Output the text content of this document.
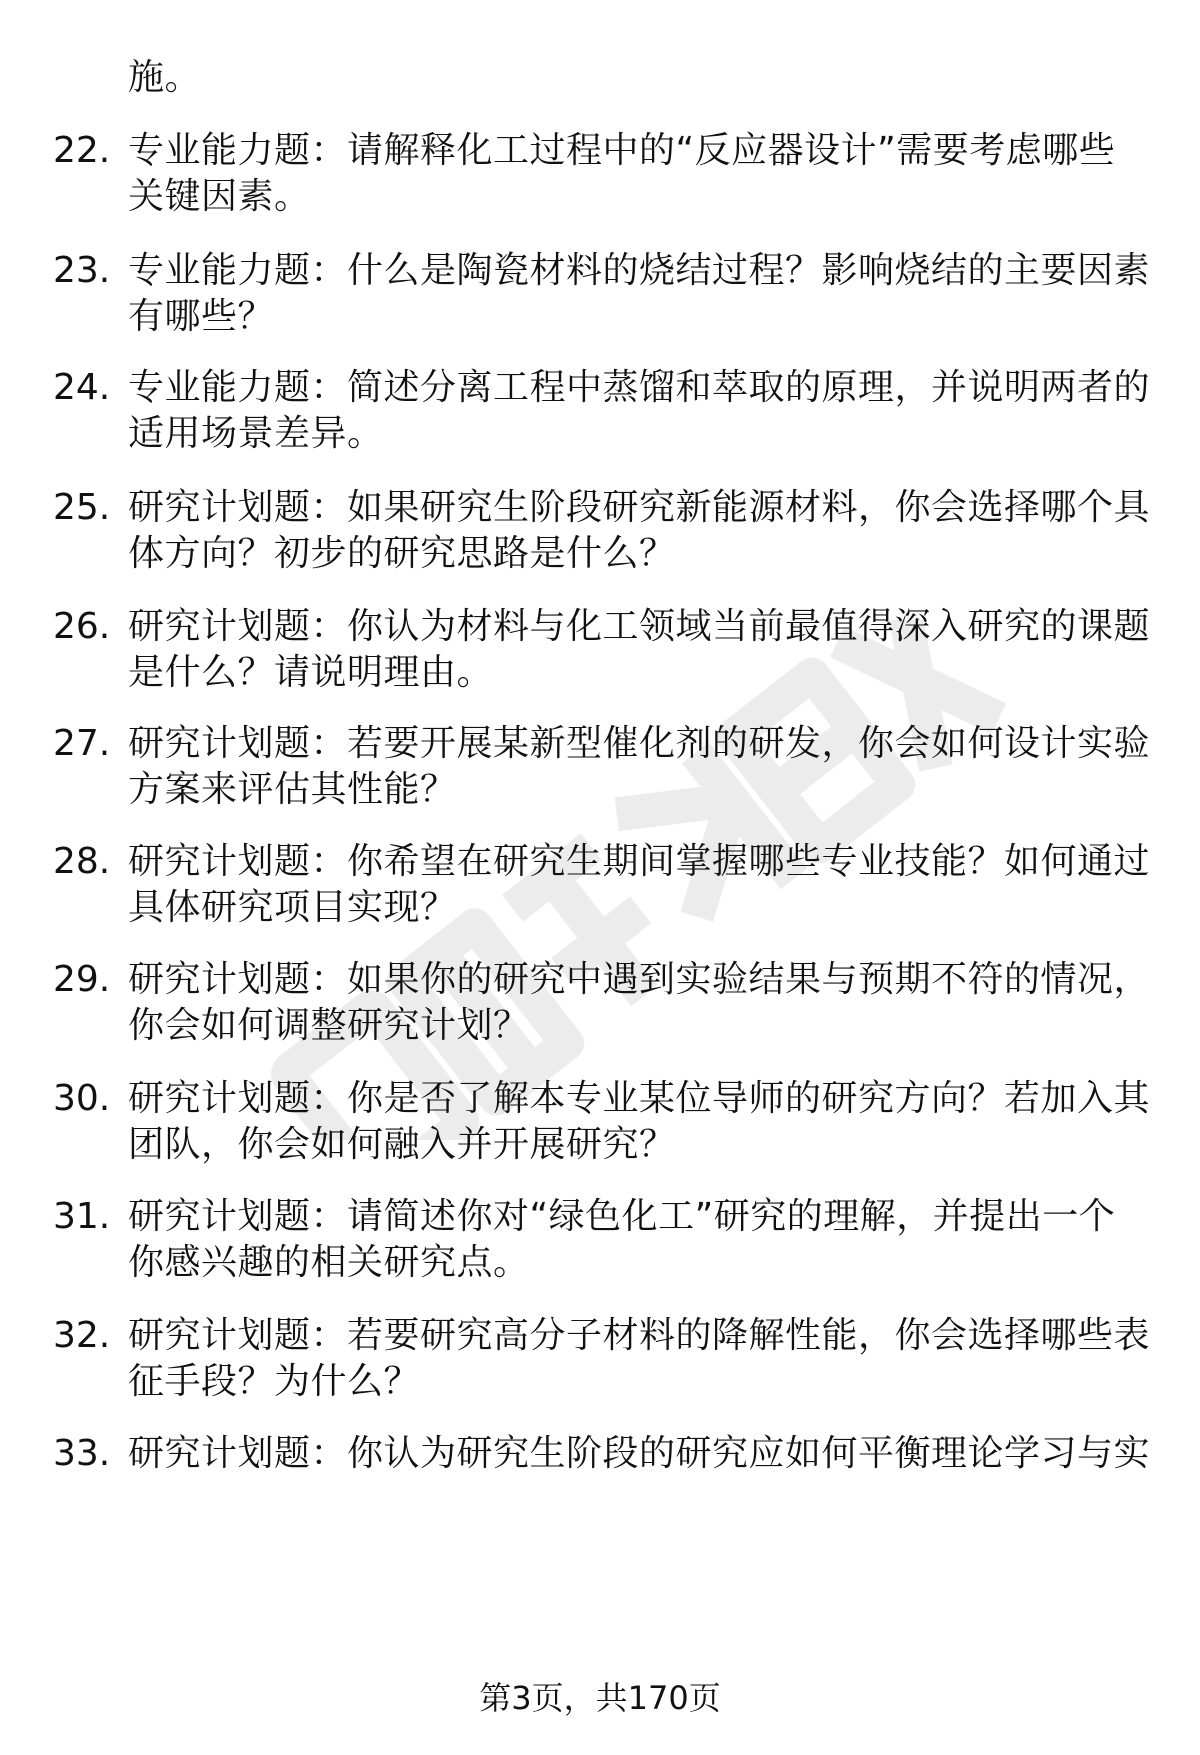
施。
22. 专业能力题：请解释化工过程中的“反应器设计”需要考虑哪些
关键因素。
23. 专业能力题：什么是陶瓷材料的烧结过程？影响烧结的主要因素
有哪些？
24. 专业能力题：简述分离工程中蒸馏和萃取的原理，并说明两者的
适用场景差异。
25. 研究计划题：如果研究生阶段研究新能源材料，你会选择哪个具
体方向？初步的研究思路是什么？
26. 研究计划题：你认为材料与化工领域当前最值得深入研究的课题
是什么？请说明理由。
27. 研究计划题：若要开展某新型催化剂的研发，你会如何设计实验
方案来评估其性能？
28. 研究计划题：你希望在研究生期间掌握哪些专业技能？如何通过
具体研究项目实现？
29. 研究计划题：如果你的研究中遇到实验结果与预期不符的情况，
你会如何调整研究计划？
30. 研究计划题：你是否了解本专业某位导师的研究方向？若加入其
团队，你会如何融入并开展研究？
31. 研究计划题：请简述你对“绿色化工”研究的理解，并提出一个
你感兴趣的相关研究点。
32. 研究计划题：若要研究高分子材料的降解性能，你会选择哪些表
征手段？为什么？
33. 研究计划题：你认为研究生阶段的研究应如何平衡理论学习与实
第3页，共170页
